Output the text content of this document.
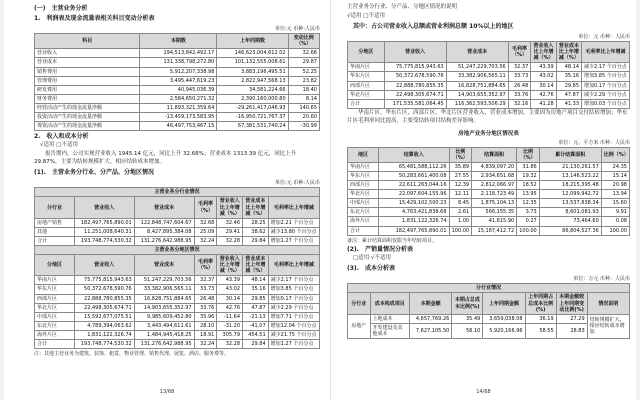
(一)　主营业务分析
1.　利润表及现金流量表相关科目变动分析表
单位:元 币种:人民币
科目	本期数	上年同期数	变动比例（%）
营业收入	194,513,842,492.17	146,623,004,612.02	32.66
营业成本	131,338,798,272.80	101,132,555,008.61	29.87
销售费用	5,912,207,338.98	3,883,196,495.51	52.25
管理费用	3,495,447,619.23	2,822,947,568.13	23.82
研发费用	40,945,036.39	34,581,224.66	18.40
财务费用	2,584,650,271.32	2,390,160,000.80	8.14
经营活动产生的现金流量净额	11,893,321,359.64	-29,261,417,046.93	140.65
投资活动产生的现金流量净额	-13,459,173,583.95	-16,950,721,767.37	20.60
筹资活动产生的现金流量净额	46,497,753,467.15	67,381,531,740.24	-30.99
2.　收入和成本分析
√适用 □不适用
报告期内，公司实现营业收入 1945.14 亿元，同比上升 32.66%；营业成本 1313.39 亿元，同比上升 29.87%，主要为结转规模扩大，相应结转成本增加。
(1).　主营业务分行业、分产品、分地区情况
单位:元 币种:人民币
主营业务分行业情况						
分行业	营业收入	营业成本	毛利率（%）	营业收入比上年增减（%）	营业成本比上年增减（%）	毛利率比上年增减
房地产销售	182,497,765,890.01	122,848,747,604.67	32.68	32.46	28.25	增加2.21 个百分点
其他	11,251,008,640.31	8,427,895,384.08	25.09	29.41	38.62	减少13.80 个百分点
合计	193,748,774,530.32	131,276,642,988.95	32.24	32.28	29.84	增加1.27 个百分点
主营业务分地区情况						
分地区	营业收入	营业成本	毛利率（%）	营业收入比上年增减（%）	营业成本比上年增减（%）	毛利率比上年增减
华南片区	75,775,815,943.63	51,247,229,703.56	32.37	43.39	48.14	减少2.17 个百分点
华东片区	50,372,678,590.76	33,382,906,565.11	33.73	43.02	35.16	增加3.85 个百分点
西部片区	22,888,780,855.35	16,828,751,884.65	26.48	30.14	29.85	增加0.17 个百分点
华北片区	22,498,305,674.71	14,903,655,352.97	33.76	42.76	47.87	减少2.29 个百分点
中部片区	15,592,677,075.51	9,985,609,452.80	35.96	-11.64	-21.13	增加7.71 个百分点
东北片区	4,789,394,063.62	3,443,494,611.61	28.10	-31.20	-41.07	增加12.04 个百分点
海外片区	1,831,122,326.74	1,484,945,418.25	18.91	305.79	454.51	减少21.75 个百分点
合计	193,748,774,530.32	131,276,642,988.95	32.24	32.28	29.84	增加1.27 个百分点
注：其他主营业务为建筑、装饰、租赁、物业管理、销售代理、展览、酒店、服务费等。
13/68
主营业务分行业、分产品、分地区情况的说明
√适用 □不适用
其中：占公司营业收入总额或营业利润总额 10%以上的地区
单位：元 币种：人民币
分地区	营业收入	营业成本	毛利率（%）	营业收入比上年增减（%）	营业成本比上年增减（%）	毛利率比上年增减
华南片区	75,775,815,943.63	51,247,229,703.56	32.37	43.39	48.14	减少2.17 个百分点
华东片区	50,372,678,590.76	33,382,906,565.11	33.73	43.02	35.16	增加3.85 个百分点
西部片区	22,888,780,855.35	16,828,751,884.65	26.48	30.14	29.85	增加0.17 个百分点
华北片区	22,498,305,674.71	14,903,655,352.97	33.76	42.76	47.87	减少2.29 个百分点
合计	171,535,581,064.45	116,362,593,506.29	32.16	41.28	41.33	增加0.03 个百分点
华南片区、华东片区、西部片区、华北片区营业收入、营业成本增加，主要因为房地产项目交付结转增加；华东片区毛利率同比提高，主要受结转项目结构差异影响。
房地产业务分地区情况表
单位：元、平方米 币种：人民币
地区	结算收入	比例（%）	结算面积	比例（%）	累计结算面积	比例（%）
华南片区	65,481,588,112.26	35.89	4,839,097.20	31.86	21,130,261.57	24.35
华东片区	50,283,661,400.08	27.55	2,934,651.68	19.32	13,146,523.22	15.14
西部片区	22,611,263,044.16	12.39	2,812,066.97	18.52	18,215,395.48	20.98
华北片区	22,097,604,155.96	12.11	2,118,723.49	13.95	12,099,942.72	13.94
中部片区	15,429,102,500.23	8.45	1,875,104.13	12.35	13,537,838.34	15.60
东北片区	4,763,421,838.68	2.61	566,155.35	3.73	8,601,081.93	9.91
海外片区	1,831,122,326.74	1.00	41,615.90	0.27	73,464.60	0.08
合计	182,497,765,890.01	100.00	15,187,412.72	100.00	86,804,527.36	100.00
备注：累计结算面积仅限当年结转项目。
(2).　产销量情况分析表
□适用 √不适用
(3).　成本分析表
单位：万元 币种：人民币
分行业情况							
分行业	成本构成项目	本期金额	本期占总成本比例(%)	上年同期金额	上年同期占总成本比例(%)	本期金额较上年同期变动比例(%)	情况说明
房地产	土地成本	4,657,769.26	35.49	3,659,038.08	36.19	27.29	结转规模扩大、相应结转成本增加
	开发建设及其他成本	7,627,105.50	58.10	5,920,166.96	58.55	28.83	
14/68
